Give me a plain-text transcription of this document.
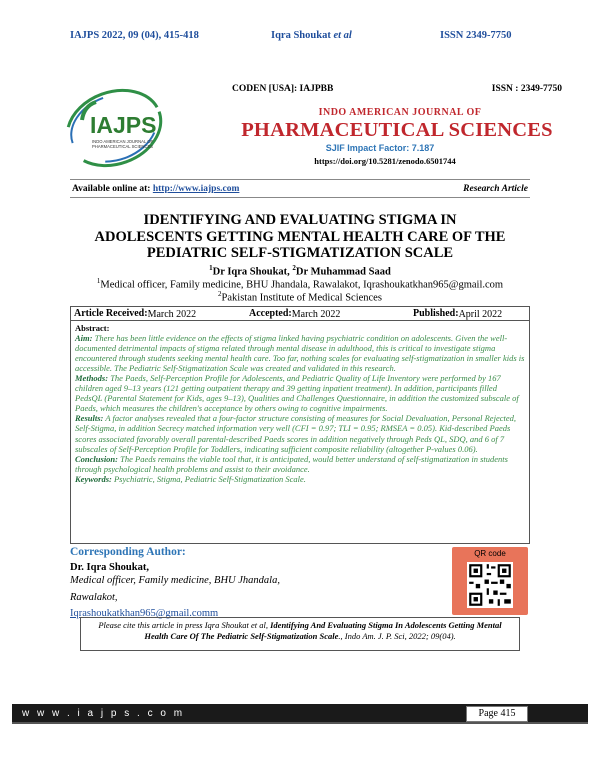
IAJPS 2022, 09 (04), 415-418	Iqra Shoukat et al	ISSN 2349-7750
IAJPS
INDO AMERICAN JOURNAL OF
PHARMACEUTICAL SCIENCES
CODEN [USA]: IAJPBB	ISSN : 2349-7750
INDO AMERICAN JOURNAL OF
PHARMACEUTICAL SCIENCES
SJIF Impact Factor: 7.187
https://doi.org/10.5281/zenodo.6501744
Available online at: http://www.iajps.com	Research Article
IDENTIFYING AND EVALUATING STIGMA IN
ADOLESCENTS GETTING MENTAL HEALTH CARE OF THE
PEDIATRIC SELF-STIGMATIZATION SCALE
$^1$Dr Iqra Shoukat, $^2$Dr Muhammad Saad
$^1$Medical officer, Family medicine, BHU Jhandala, Rawalakot, Iqrashoukatkhan965@gmail.com
$^2$Pakistan Institute of Medical Sciences
Article Received: March 2022	Accepted: March 2022	Published: April 2022

Abstract:

Aim: There has been little evidence on the effects of stigma linked having psychiatric condition on adolescents. Given the well-documented detrimental impacts of stigma related through mental disease in adulthood, this is critical to investigate stigma encountered through students seeking mental health care. Too far, nothing scales for evaluating self-stigmatization in smaller kids is accessible. The Pediatric Self-Stigmatization Scale was created and validated in this research.

Methods: The Paeds, Self-Perception Profile for Adolescents, and Pediatric Quality of Life Inventory were performed by 167 children aged 9–13 years (121 getting outpatient therapy and 39 getting inpatient treatment). In addition, participants filled PedsQL (Parental Statement for Kids, ages 9–13), Qualities and Challenges Questionnaire, in addition the customized subscale of Paeds, which measures the children's acceptance by others owing to cognitive impairments.

Results: A factor analyses revealed that a four-factor structure consisting of measures for Social Devaluation, Personal Rejected, Self-Stigma, in addition Secrecy matched information very well (CFI = 0.97; TLI = 0.95; RMSEA = 0.05). Kid-described Paeds scores associated favorably overall parental-described Paeds scores in addition negatively through Peds QL, SDQ, and 6 of 7 subscales of Self-Perception Profile for Toddlers, indicating sufficient composite reliability (altogether P-values 0.06).

Conclusion: The Paeds remains the viable tool that, it is anticipated, would better understand of self-stigmatization in students through psychological health problems and assist to their avoidance.

Keywords: Psychiatric, Stigma, Pediatric Self-Stigmatization Scale.

Corresponding Author:
Dr. Iqra Shoukat,
Medical officer, Family medicine, BHU Jhandala,
Rawalakot,
Iqrashoukatkhan965@gmail.comm
QR code
Please cite this article in press Iqra Shoukat et al, Identifying And Evaluating Stigma In Adolescents Getting Mental Health Care Of The Pediatric Self-Stigmatization Scale., Indo Am. J. P. Sci, 2022; 09(04).
w w w . i a j p s . c o m	Page 415
